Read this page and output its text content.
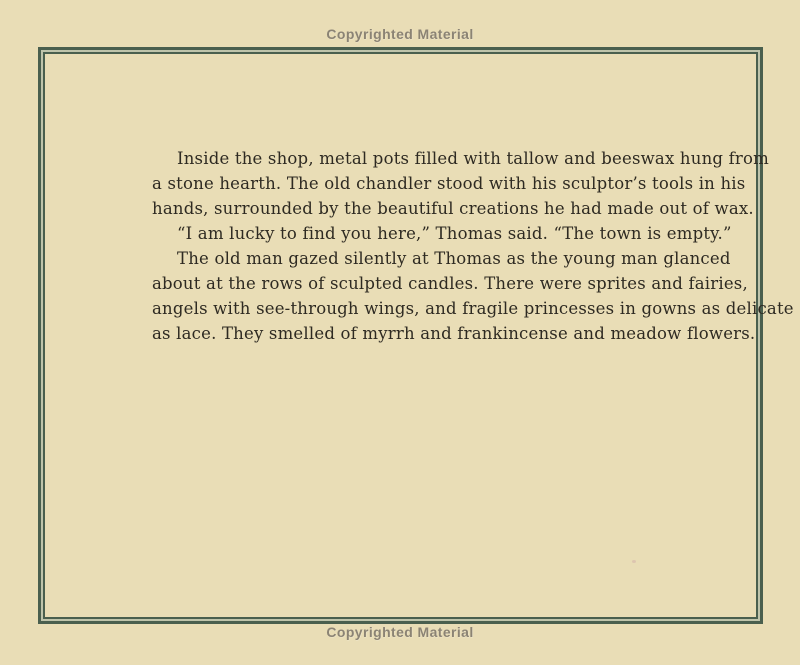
Copyrighted Material
Inside the shop, metal pots filled with tallow and beeswax hung from
a stone hearth. The old chandler stood with his sculptor’s tools in his
hands, surrounded by the beautiful creations he had made out of wax.
“I am lucky to find you here,” Thomas said. “The town is empty.”
The old man gazed silently at Thomas as the young man glanced
about at the rows of sculpted candles. There were sprites and fairies,
angels with see-through wings, and fragile princesses in gowns as delicate
as lace. They smelled of myrrh and frankincense and meadow flowers.
Copyrighted Material
